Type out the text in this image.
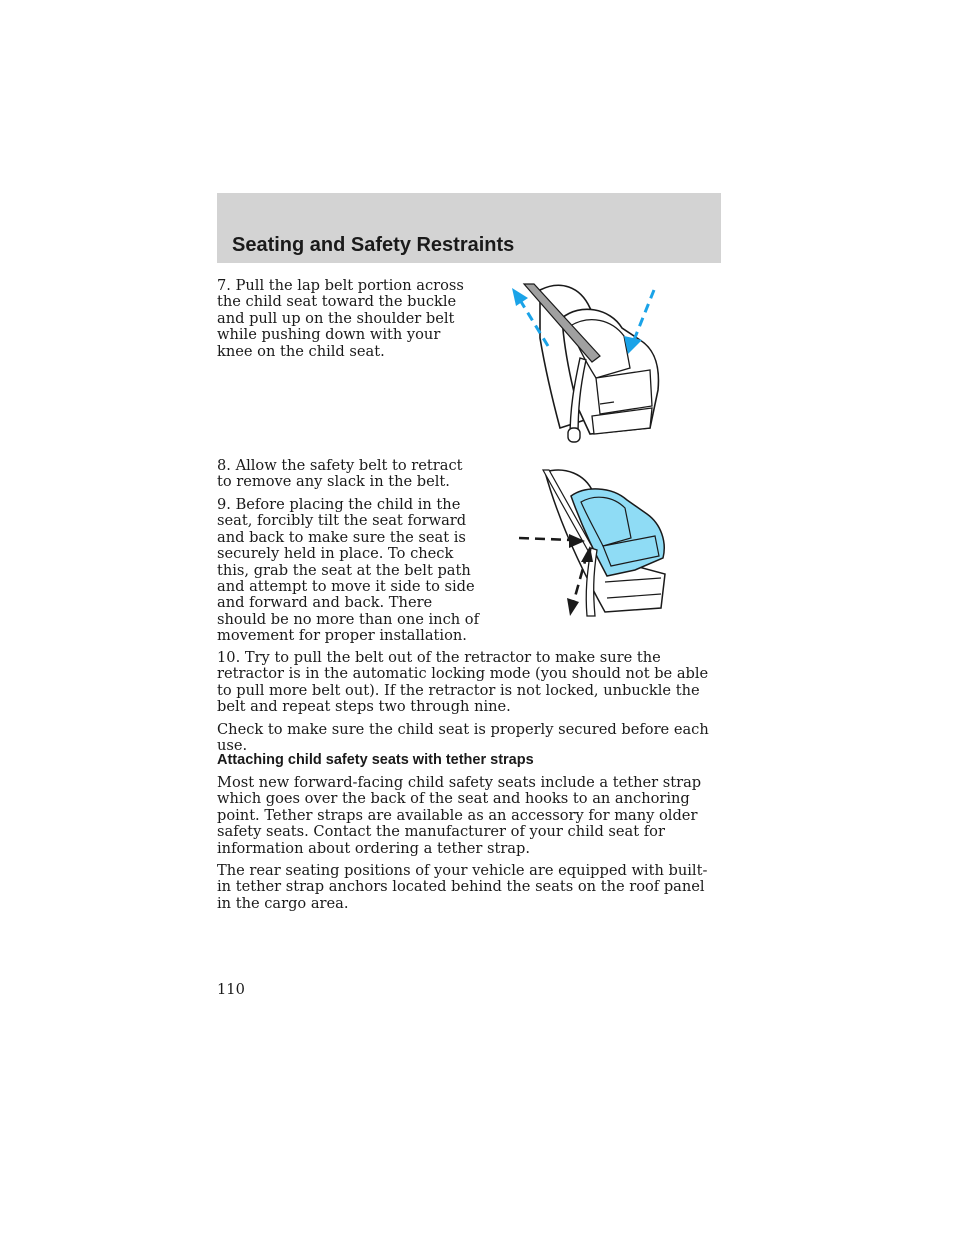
Seating and Safety Restraints

7. Pull the lap belt portion across the child seat toward the buckle and pull up on the shoulder belt while pushing down with your knee on the child seat.

8. Allow the safety belt to retract to remove any slack in the belt.

9. Before placing the child in the seat, forcibly tilt the seat forward and back to make sure the seat is securely held in place. To check this, grab the seat at the belt path and attempt to move it side to side and forward and back. There should be no more than one inch of movement for proper installation.

10. Try to pull the belt out of the retractor to make sure the retractor is in the automatic locking mode (you should not be able to pull more belt out). If the retractor is not locked, unbuckle the belt and repeat steps two through nine.

Check to make sure the child seat is properly secured before each use.

Attaching child safety seats with tether straps

Most new forward-facing child safety seats include a tether strap which goes over the back of the seat and hooks to an anchoring point. Tether straps are available as an accessory for many older safety seats. Contact the manufacturer of your child seat for information about ordering a tether strap.

The rear seating positions of your vehicle are equipped with built-in tether strap anchors located behind the seats on the roof panel in the cargo area.

110
